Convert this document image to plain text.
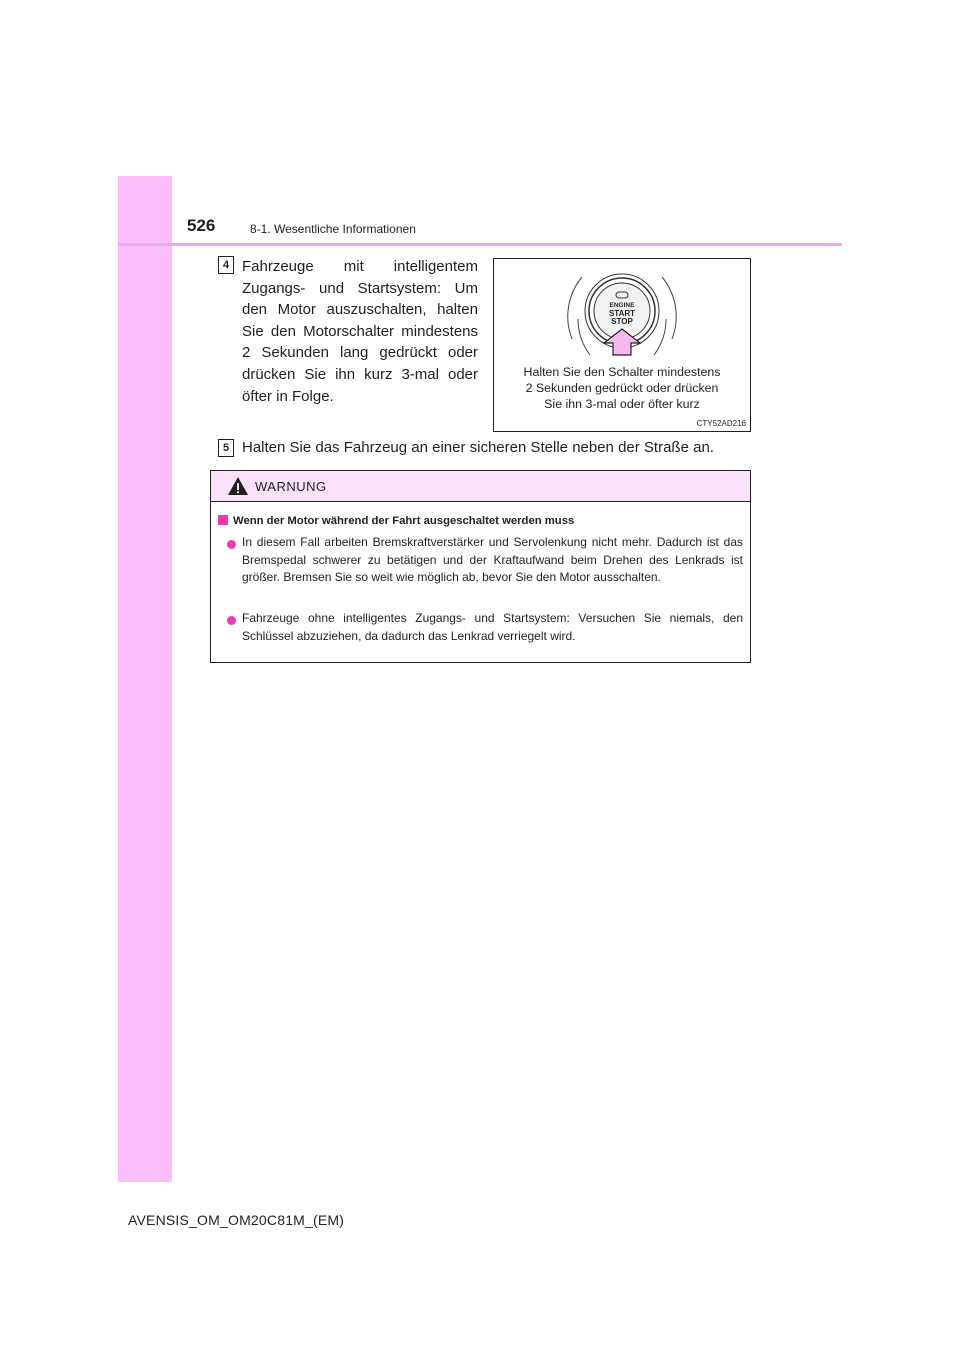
526	8-1. Wesentliche Informationen
4 Fahrzeuge mit intelligentem Zugangs- und Startsystem: Um den Motor auszuschalten, halten Sie den Motorschalter mindestens 2 Sekunden lang gedrückt oder drücken Sie ihn kurz 3-mal oder öfter in Folge.
ENGINE
START
STOP
Halten Sie den Schalter mindestens
2 Sekunden gedrückt oder drücken
Sie ihn 3-mal oder öfter kurz
CTY52AD216
5 Halten Sie das Fahrzeug an einer sicheren Stelle neben der Straße an.
WARNUNG
Wenn der Motor während der Fahrt ausgeschaltet werden muss
In diesem Fall arbeiten Bremskraftverstärker und Servolenkung nicht mehr. Dadurch ist das Bremspedal schwerer zu betätigen und der Kraftaufwand beim Drehen des Lenkrads ist größer. Bremsen Sie so weit wie möglich ab, bevor Sie den Motor ausschalten.
Fahrzeuge ohne intelligentes Zugangs- und Startsystem: Versuchen Sie niemals, den Schlüssel abzuziehen, da dadurch das Lenkrad verriegelt wird.
AVENSIS_OM_OM20C81M_(EM)
